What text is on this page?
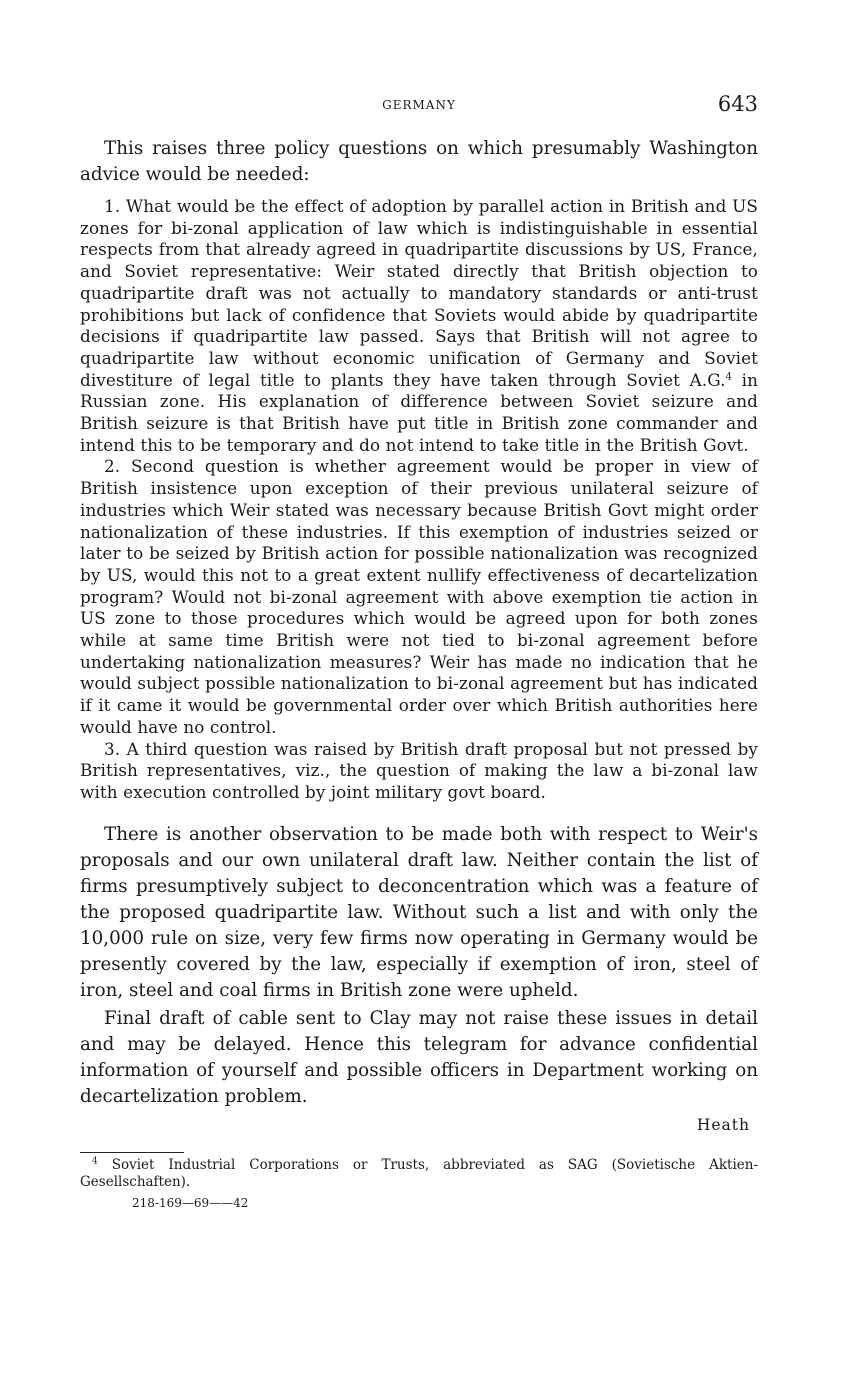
GERMANY	643

This raises three policy questions on which presumably Washington advice would be needed:

1. What would be the effect of adoption by parallel action in British and US zones for bi-zonal application of law which is indistinguishable in essential respects from that already agreed in quadripartite discussions by US, France, and Soviet representative: Weir stated directly that British objection to quadripartite draft was not actually to mandatory standards or anti-trust prohibitions but lack of confidence that Soviets would abide by quadripartite decisions if quadripartite law passed. Says that British will not agree to quadripartite law without economic unification of Germany and Soviet divestiture of legal title to plants they have taken through Soviet A.G.$^4$ in Russian zone. His explanation of difference between Soviet seizure and British seizure is that British have put title in British zone commander and intend this to be temporary and do not intend to take title in the British Govt.

2. Second question is whether agreement would be proper in view of British insistence upon exception of their previous unilateral seizure of industries which Weir stated was necessary because British Govt might order nationalization of these industries. If this exemption of industries seized or later to be seized by British action for possible nationalization was recognized by US, would this not to a great extent nullify effectiveness of decartelization program? Would not bi-zonal agreement with above exemption tie action in US zone to those procedures which would be agreed upon for both zones while at same time British were not tied to bi-zonal agreement before undertaking nationalization measures? Weir has made no indication that he would subject possible nationalization to bi-zonal agreement but has indicated if it came it would be governmental order over which British authorities here would have no control.

3. A third question was raised by British draft proposal but not pressed by British representatives, viz., the question of making the law a bi-zonal law with execution controlled by joint military govt board.

There is another observation to be made both with respect to Weir's proposals and our own unilateral draft law. Neither contain the list of firms presumptively subject to deconcentration which was a feature of the proposed quadripartite law. Without such a list and with only the 10,000 rule on size, very few firms now operating in Germany would be presently covered by the law, especially if exemption of iron, steel of iron, steel and coal firms in British zone were upheld.

Final draft of cable sent to Clay may not raise these issues in detail and may be delayed. Hence this telegram for advance confidential information of yourself and possible officers in Department working on decartelization problem.

Heath

$^4$ Soviet Industrial Corporations or Trusts, abbreviated as SAG (Sovietische Aktien-Gesellschaften).

218-169—69——42
